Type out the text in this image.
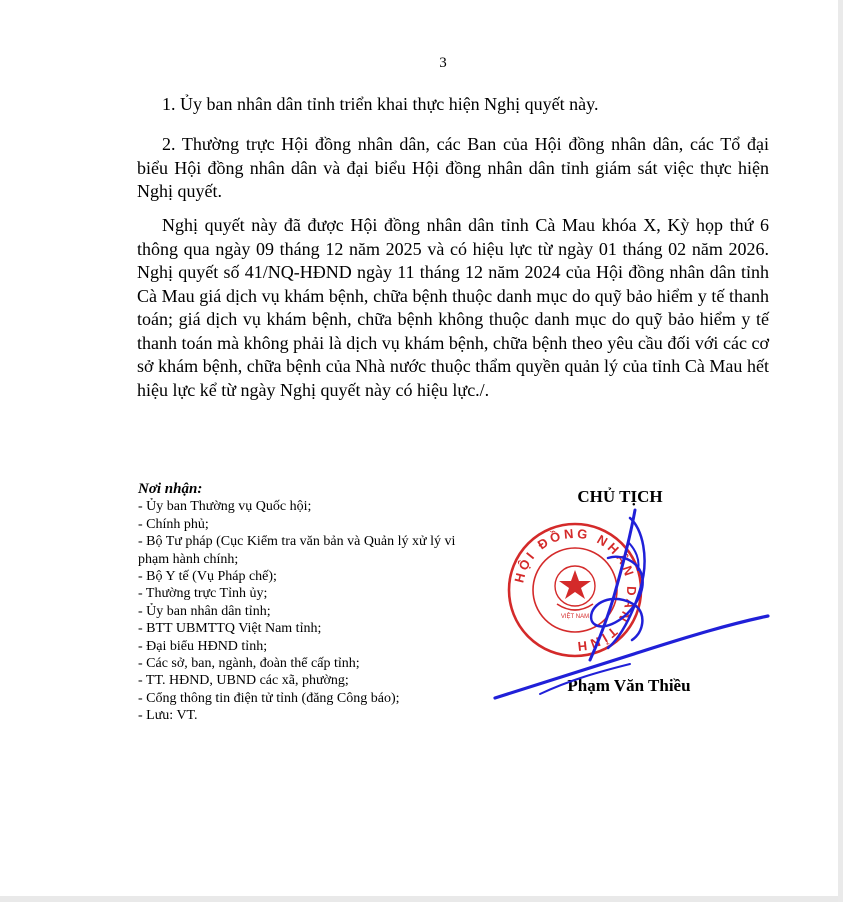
3
1. Ủy ban nhân dân tỉnh triển khai thực hiện Nghị quyết này.
2. Thường trực Hội đồng nhân dân, các Ban của Hội đồng nhân dân, các Tổ đại biểu Hội đồng nhân dân và đại biểu Hội đồng nhân dân tỉnh giám sát việc thực hiện Nghị quyết.
Nghị quyết này đã được Hội đồng nhân dân tỉnh Cà Mau khóa X, Kỳ họp thứ 6 thông qua ngày 09 tháng 12 năm 2025 và có hiệu lực từ ngày 01 tháng 02 năm 2026. Nghị quyết số 41/NQ-HĐND ngày 11 tháng 12 năm 2024 của Hội đồng nhân dân tỉnh Cà Mau giá dịch vụ khám bệnh, chữa bệnh thuộc danh mục do quỹ bảo hiểm y tế thanh toán; giá dịch vụ khám bệnh, chữa bệnh không thuộc danh mục do quỹ bảo hiểm y tế thanh toán mà không phải là dịch vụ khám bệnh, chữa bệnh theo yêu cầu đối với các cơ sở khám bệnh, chữa bệnh của Nhà nước thuộc thẩm quyền quản lý của tỉnh Cà Mau hết hiệu lực kể từ ngày Nghị quyết này có hiệu lực./.
Nơi nhận:
- Ủy ban Thường vụ Quốc hội;
- Chính phủ;
- Bộ Tư pháp (Cục Kiểm tra văn bản và Quản lý xử lý vi phạm hành chính;
- Bộ Y tế (Vụ Pháp chế);
- Thường trực Tỉnh ủy;
- Ủy ban nhân dân tỉnh;
- BTT UBMTTQ Việt Nam tỉnh;
- Đại biểu HĐND tỉnh;
- Các sở, ban, ngành, đoàn thể cấp tỉnh;
- TT. HĐND, UBND các xã, phường;
- Cổng thông tin điện tử tỉnh (đăng Công báo);
- Lưu: VT.
HỘI ĐỒNG NHÂN DÂN TỈNH
VIỆT NAM
CHỦ TỊCH
Phạm Văn Thiều
